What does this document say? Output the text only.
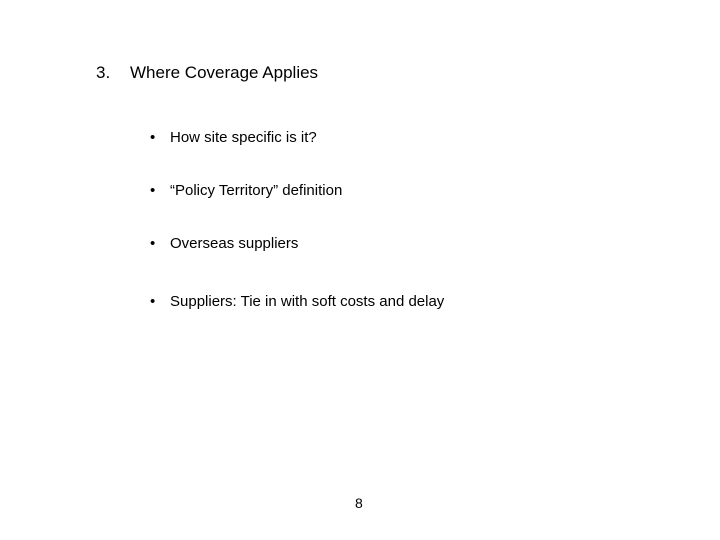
3. Where Coverage Applies
• How site specific is it?
• “Policy Territory” definition
• Overseas suppliers
• Suppliers: Tie in with soft costs and delay
8
